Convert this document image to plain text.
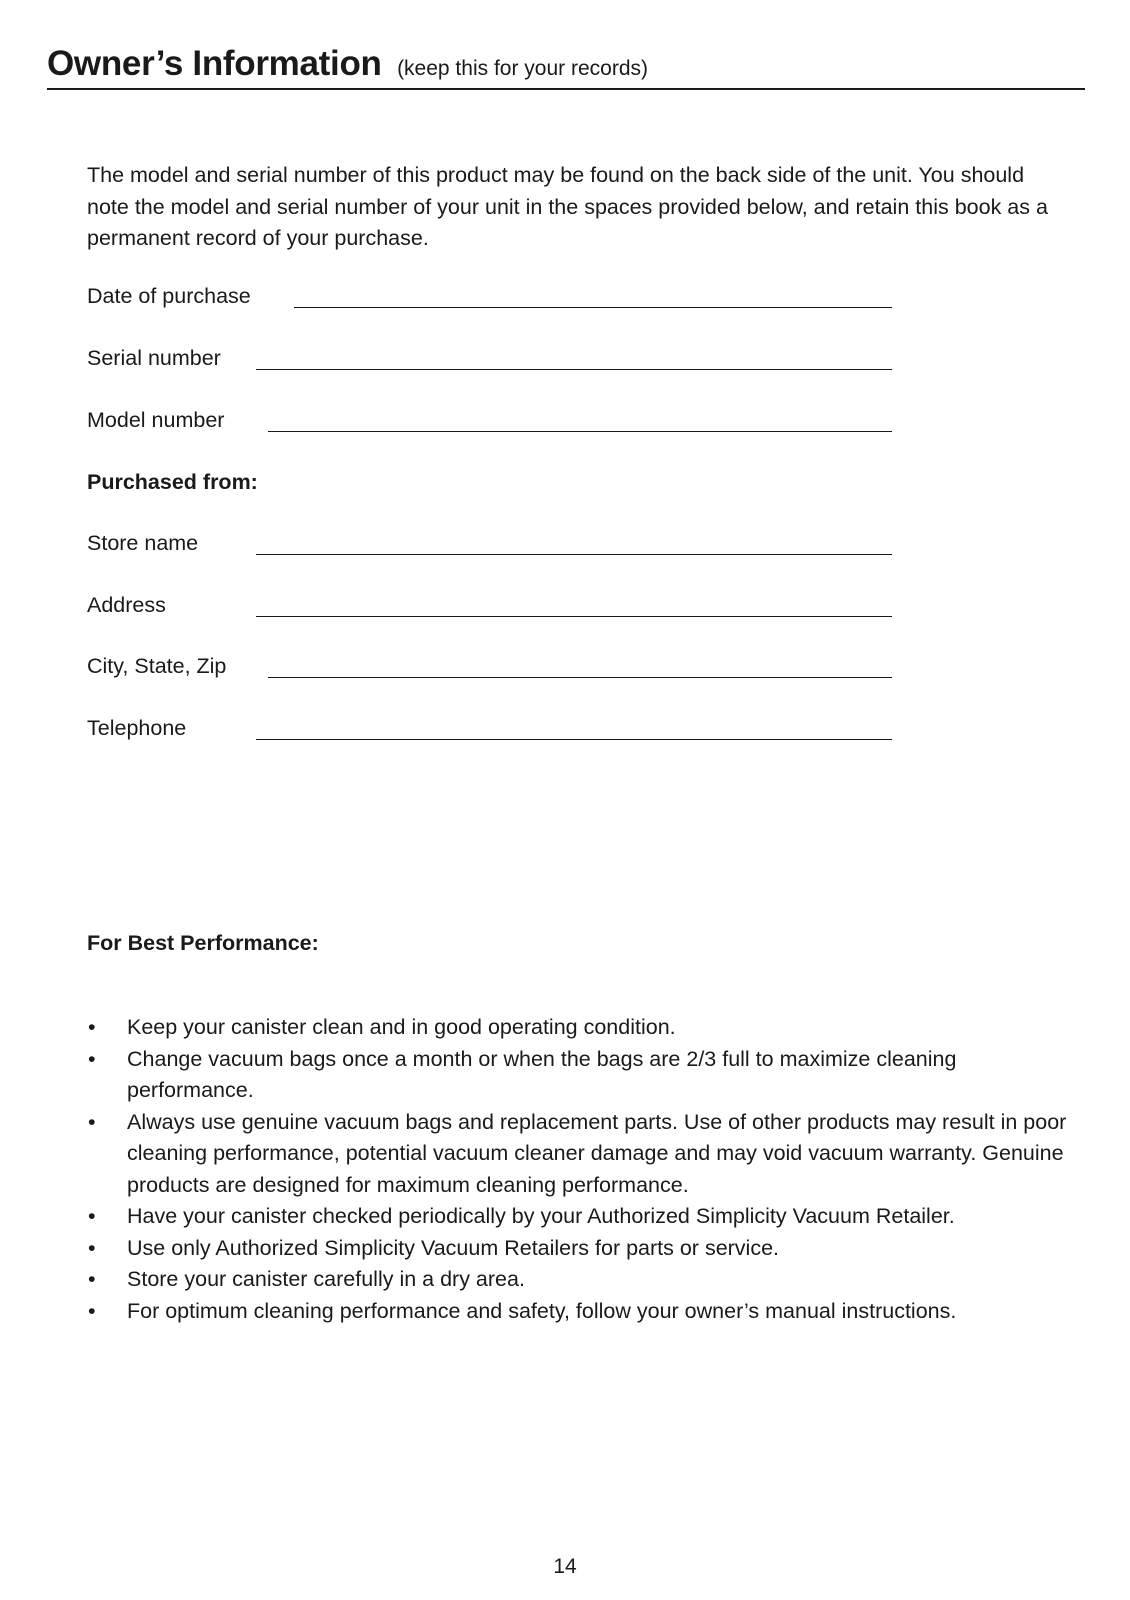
Owner’s Information (keep this for your records)

The model and serial number of this product may be found on the back side of the unit. You should note the model and serial number of your unit in the spaces provided below, and retain this book as a permanent record of your purchase.

Date of purchase
Serial number
Model number
Purchased from:
Store name
Address
City, State, Zip
Telephone
For Best Performance:
• Keep your canister clean and in good operating condition.
• Change vacuum bags once a month or when the bags are 2/3 full to maximize cleaning performance.
• Always use genuine vacuum bags and replacement parts. Use of other products may result in poor cleaning performance, potential vacuum cleaner damage and may void vacuum warranty. Genuine products are designed for maximum cleaning performance.
• Have your canister checked periodically by your Authorized Simplicity Vacuum Retailer.
• Use only Authorized Simplicity Vacuum Retailers for parts or service.
• Store your canister carefully in a dry area.
• For optimum cleaning performance and safety, follow your owner’s manual instructions.
14
